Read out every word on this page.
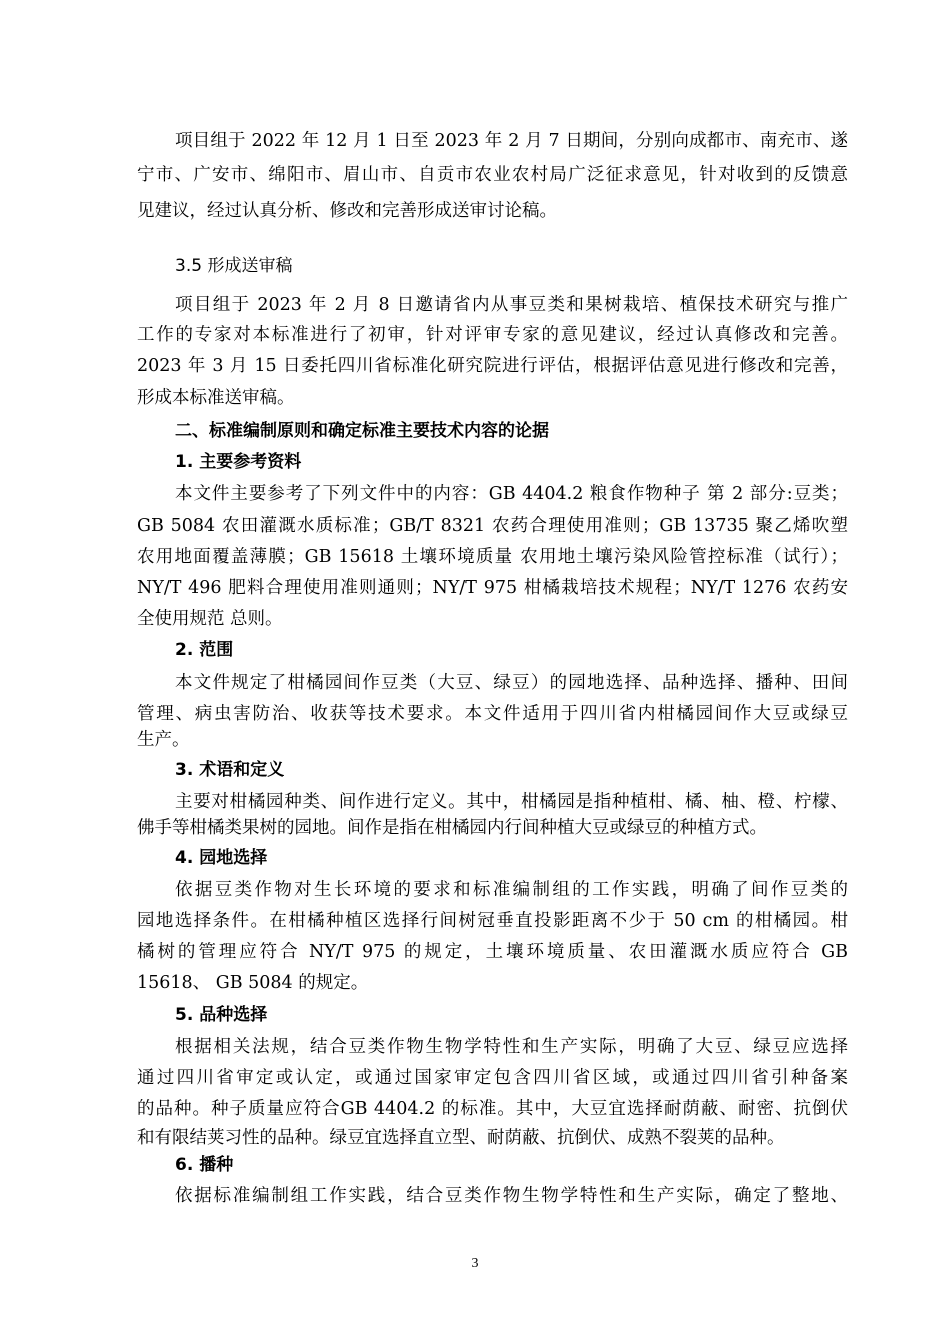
项目组于 2022 年 12 月 1 日至 2023 年 2 月 7 日期间，分别向成都市、南充市、遂
宁市、广安市、绵阳市、眉山市、自贡市农业农村局广泛征求意见，针对收到的反馈意
见建议，经过认真分析、修改和完善形成送审讨论稿。
3.5 形成送审稿
项目组于 2023 年 2 月 8 日邀请省内从事豆类和果树栽培、植保技术研究与推广
工作的专家对本标准进行了初审，针对评审专家的意见建议，经过认真修改和完善。
2023 年 3 月 15 日委托四川省标准化研究院进行评估，根据评估意见进行修改和完善，
形成本标准送审稿。
二、标准编制原则和确定标准主要技术内容的论据
1. 主要参考资料
本文件主要参考了下列文件中的内容：GB 4404.2 粮食作物种子 第 2 部分:豆类；
GB 5084 农田灌溉水质标准；GB/T 8321 农药合理使用准则；GB 13735 聚乙烯吹塑
农用地面覆盖薄膜；GB 15618 土壤环境质量 农用地土壤污染风险管控标准（试行）；
NY/T 496 肥料合理使用准则通则；NY/T 975 柑橘栽培技术规程；NY/T 1276 农药安
全使用规范 总则。
2. 范围
本文件规定了柑橘园间作豆类（大豆、绿豆）的园地选择、品种选择、播种、田间
管理、病虫害防治、收获等技术要求。本文件适用于四川省内柑橘园间作大豆或绿豆
生产。
3. 术语和定义
主要对柑橘园种类、间作进行定义。其中，柑橘园是指种植柑、橘、柚、橙、柠檬、
佛手等柑橘类果树的园地。间作是指在柑橘园内行间种植大豆或绿豆的种植方式。
4. 园地选择
依据豆类作物对生长环境的要求和标准编制组的工作实践，明确了间作豆类的
园地选择条件。在柑橘种植区选择行间树冠垂直投影距离不少于 50 cm 的柑橘园。柑
橘树的管理应符合 NY/T 975 的规定，土壤环境质量、农田灌溉水质应符合 GB
15618、 GB 5084 的规定。
5. 品种选择
根据相关法规，结合豆类作物生物学特性和生产实际，明确了大豆、绿豆应选择
通过四川省审定或认定，或通过国家审定包含四川省区域，或通过四川省引种备案
的品种。种子质量应符合GB 4404.2 的标准。其中，大豆宜选择耐荫蔽、耐密、抗倒伏
和有限结荚习性的品种。绿豆宜选择直立型、耐荫蔽、抗倒伏、成熟不裂荚的品种。
6. 播种
依据标准编制组工作实践，结合豆类作物生物学特性和生产实际，确定了整地、
3
